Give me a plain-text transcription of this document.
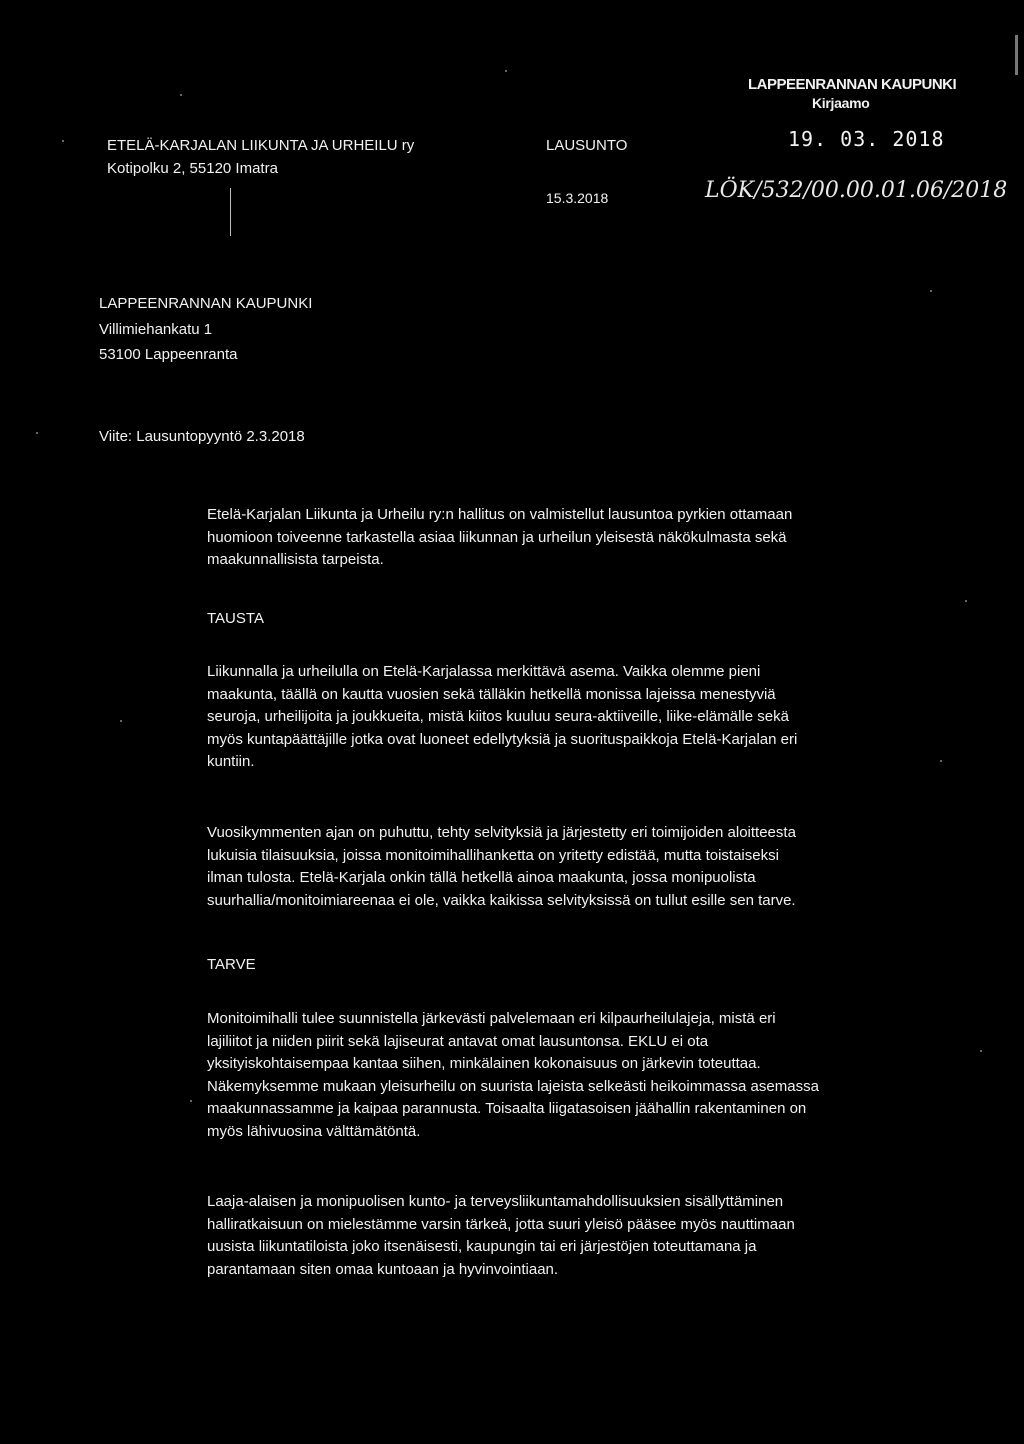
ETELÄ-KARJALAN LIIKUNTA JA URHEILU ry
Kotipolku 2, 55120 Imatra
LAUSUNTO
15.3.2018
LAPPEENRANNAN KAUPUNKI
Kirjaamo
19. 03. 2018
LÖK/532/00.00.01.06/2018
LAPPEENRANNAN KAUPUNKI
Villimiehankatu 1
53100 Lappeenranta
Viite: Lausuntopyyntö 2.3.2018
Etelä-Karjalan Liikunta ja Urheilu ry:n hallitus on valmistellut lausuntoa pyrkien ottamaan
huomioon toiveenne tarkastella asiaa liikunnan ja urheilun yleisestä näkökulmasta sekä
maakunnallisista tarpeista.
TAUSTA
Liikunnalla ja urheilulla on Etelä-Karjalassa merkittävä asema. Vaikka olemme pieni
maakunta, täällä on kautta vuosien sekä tälläkin hetkellä monissa lajeissa menestyviä
seuroja, urheilijoita ja joukkueita, mistä kiitos kuuluu seura-aktiiveille, liike-elämälle sekä
myös kuntapäättäjille jotka ovat luoneet edellytyksiä ja suorituspaikkoja Etelä-Karjalan eri
kuntiin.
Vuosikymmenten ajan on puhuttu, tehty selvityksiä ja järjestetty eri toimijoiden aloitteesta
lukuisia tilaisuuksia, joissa monitoimihallihanketta on yritetty edistää, mutta toistaiseksi
ilman tulosta. Etelä-Karjala onkin tällä hetkellä ainoa maakunta, jossa monipuolista
suurhalliа/monitoimiareenaa ei ole, vaikka kaikissa selvityksissä on tullut esille sen tarve.
TARVE
Monitoimihalli tulee suunnistella järkevästi palvelemaan eri kilpaurheilulajeja, mistä eri
lajiliitot ja niiden piirit sekä lajiseurat antavat omat lausuntonsa. EKLU ei ota
yksityiskohtaisempaa kantaa siihen, minkälainen kokonaisuus on järkevin toteuttaa.
Näkemyksemme mukaan yleisurheilu on suurista lajeista selkeästi heikoimmassa asemassa
maakunnassamme ja kaipaa parannusta. Toisaalta liigatasoisen jäähallin rakentaminen on
myös lähivuosina välttämätöntä.
Laaja-alaisen ja monipuolisen kunto- ja terveysliikuntamahdollisuuksien sisällyttäminen
halliratkaisuun on mielestämme varsin tärkeä, jotta suuri yleisö pääsee myös nauttimaan
uusista liikuntatiloista joko itsenäisesti, kaupungin tai eri järjestöjen toteuttamana ja
parantamaan siten omaa kuntoaan ja hyvinvointiaan.
